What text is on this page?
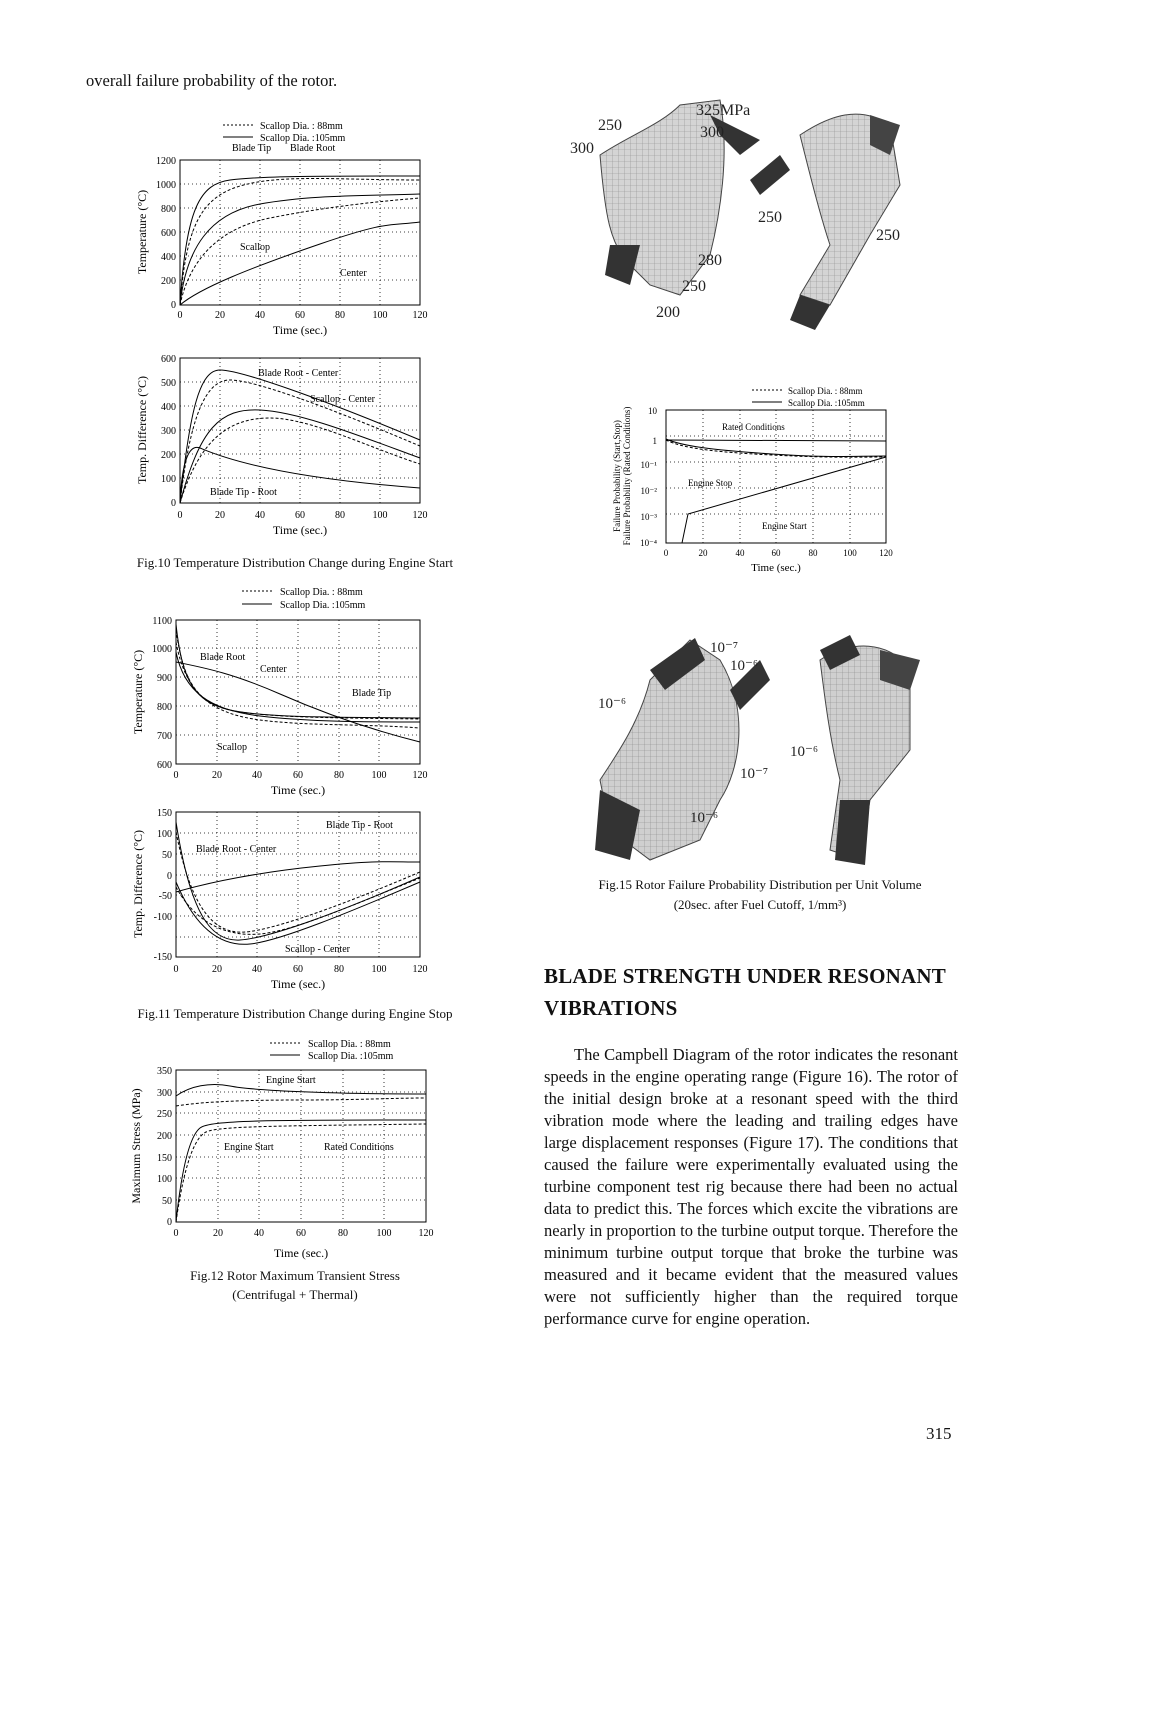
overall failure probability of the rotor.
Scallop Dia. : 88mm
Scallop Dia. :105mm
1200
1000
800
600
400
200
0
0	20	40	60	80	100	120
Time (sec.)
Temperature (°C)
Blade Tip Blade Root
Scallop
Center
600
500
400
300
200
100
0
0	20	40	60	80	100	120
Time (sec.)
Temp. Difference (°C)
Blade Root - Center
Scallop - Center
Blade Tip - Root
Fig.10 Temperature Distribution Change during Engine Start
Scallop Dia. : 88mm
Scallop Dia. :105mm
1100
1000
900
800
700
600
0	20	40	60	80	100	120
Time (sec.)
Temperature (°C)	Blade Root
Center
Blade Tip
Scallop
150
100
50
0
-50
-100
-150
0	20	40	60	80	100	120
Time (sec.)
Temp. Difference (°C)
Blade Tip - Root
Blade Root - Center
Scallop - Center
Fig.11 Temperature Distribution Change during Engine Stop
Scallop Dia. : 88mm
Scallop Dia. :105mm
350
300
250
200
150
100
50
0
0	20	40	60	80	100	120
Time (sec.)
Maximum Stress (MPa)
Engine Start
Engine Start	Rated Conditions
Fig.12 Rotor Maximum Transient Stress
(Centrifugal + Thermal)
250
300
325MPa
300
250
250
280
250
200
Scallop Dia. : 88mm
Scallop Dia. :105mm
10
1
10⁻¹
10⁻²
10⁻³
10⁻⁴
0	20	40	60	80	100	120
Time (sec.)
Failure Probability (Start,Stop) Failure Probability (Rated Conditions)	Rated Conditions
Engine Stop
Engine Start
10⁻⁷
10⁻⁶
10⁻⁶
10⁻⁶
10⁻⁷
10⁻⁶
Fig.15 Rotor Failure Probability Distribution per Unit Volume
(20sec. after Fuel Cutoff, 1/mm³)
BLADE STRENGTH UNDER RESONANT
VIBRATIONS
The Campbell Diagram of the rotor indicates the resonant speeds in the engine operating range (Figure 16). The rotor of the initial design broke at a resonant speed with the third vibration mode where the leading and trailing edges have large displacement responses (Figure 17). The conditions that caused the failure were experimentally evaluated using the turbine component test rig because there had been no actual data to predict this. The forces which excite the vibrations are nearly in proportion to the turbine output torque. Therefore the minimum turbine output torque that broke the turbine was measured and it became evident that the measured values were not sufficiently higher than the required torque performance curve for engine operation.
315
